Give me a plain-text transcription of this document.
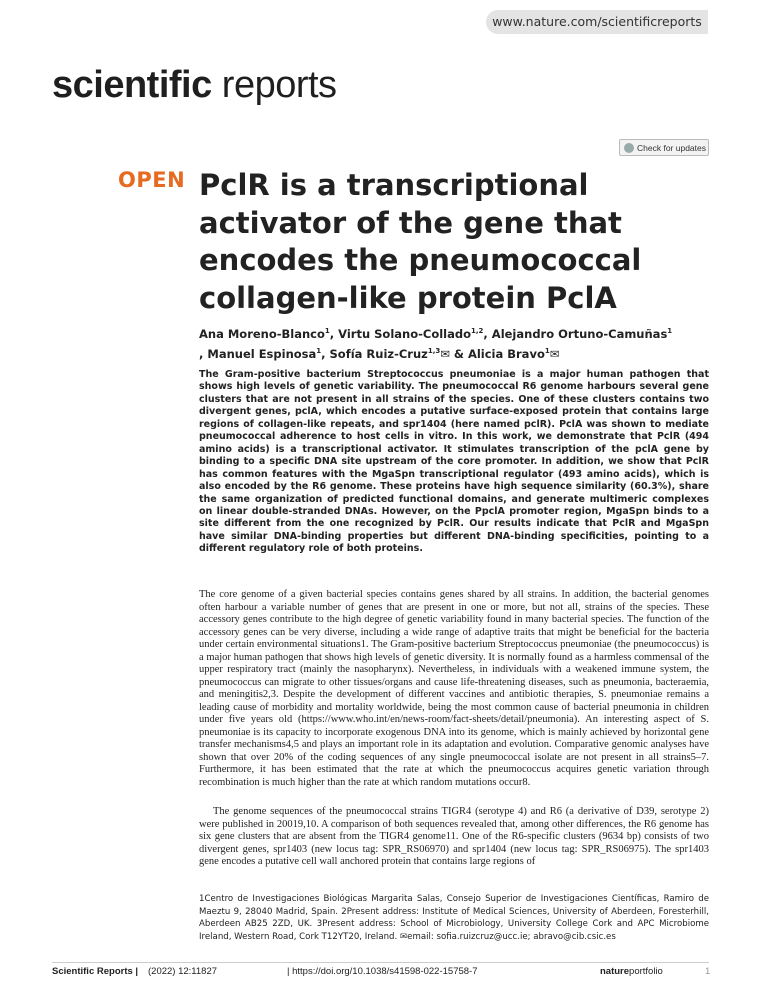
www.nature.com/scientificreports
scientific reports
Check for updates
OPEN PclR is a transcriptional activator of the gene that encodes the pneumococcal collagen-like protein PclA
Ana Moreno-Blanco$^1$, Virtu Solano-Collado$^{1,2}$, Alejandro Ortuno-Camuñas$^1$
, Manuel Espinosa$^1$, Sofía Ruiz-Cruz$^{1,3}$✉ & Alicia Bravo$^1$✉

The Gram-positive bacterium Streptococcus pneumoniae is a major human pathogen that shows high levels of genetic variability. The pneumococcal R6 genome harbours several gene clusters that are not present in all strains of the species. One of these clusters contains two divergent genes, pclA, which encodes a putative surface-exposed protein that contains large regions of collagen-like repeats, and spr1404 (here named pclR). PclA was shown to mediate pneumococcal adherence to host cells in vitro. In this work, we demonstrate that PclR (494 amino acids) is a transcriptional activator. It stimulates transcription of the pclA gene by binding to a specific DNA site upstream of the core promoter. In addition, we show that PclR has common features with the MgaSpn transcriptional regulator (493 amino acids), which is also encoded by the R6 genome. These proteins have high sequence similarity (60.3%), share the same organization of predicted functional domains, and generate multimeric complexes on linear double-stranded DNAs. However, on the PpclA promoter region, MgaSpn binds to a site different from the one recognized by PclR. Our results indicate that PclR and MgaSpn have similar DNA-binding properties but different DNA-binding specificities, pointing to a different regulatory role of both proteins.

The core genome of a given bacterial species contains genes shared by all strains. In addition, the bacterial genomes often harbour a variable number of genes that are present in one or more, but not all, strains of the species. These accessory genes contribute to the high degree of genetic variability found in many bacterial species. The function of the accessory genes can be very diverse, including a wide range of adaptive traits that might be beneficial for the bacteria under certain environmental situations1. The Gram-positive bacterium Streptococcus pneumoniae (the pneumococcus) is a major human pathogen that shows high levels of genetic diversity. It is normally found as a harmless commensal of the upper respiratory tract (mainly the nasopharynx). Nevertheless, in individuals with a weakened immune system, the pneumococcus can migrate to other tissues/organs and cause life-threatening diseases, such as pneumonia, bacteraemia, and meningitis2,3. Despite the development of different vaccines and antibiotic therapies, S. pneumoniae remains a leading cause of morbidity and mortality worldwide, being the most common cause of bacterial pneumonia in children under five years old (https://www.who.int/en/news-room/fact-sheets/detail/pneumonia). An interesting aspect of S. pneumoniae is its capacity to incorporate exogenous DNA into its genome, which is mainly achieved by horizontal gene transfer mechanisms4,5 and plays an important role in its adaptation and evolution. Comparative genomic analyses have shown that over 20% of the coding sequences of any single pneumococcal isolate are not present in all strains5–7. Furthermore, it has been estimated that the rate at which the pneumococcus acquires genetic variation through recombination is much higher than the rate at which random mutations occur8.

The genome sequences of the pneumococcal strains TIGR4 (serotype 4) and R6 (a derivative of D39, serotype 2) were published in 20019,10. A comparison of both sequences revealed that, among other differences, the R6 genome has six gene clusters that are absent from the TIGR4 genome11. One of the R6-specific clusters (9634 bp) consists of two divergent genes, spr1403 (new locus tag: SPR_RS06970) and spr1404 (new locus tag: SPR_RS06975). The spr1403 gene encodes a putative cell wall anchored protein that contains large regions of

1Centro de Investigaciones Biológicas Margarita Salas, Consejo Superior de Investigaciones Científicas, Ramiro de Maeztu 9, 28040 Madrid, Spain. 2Present address: Institute of Medical Sciences, University of Aberdeen, Foresterhill, Aberdeen AB25 2ZD, UK. 3Present address: School of Microbiology, University College Cork and APC Microbiome Ireland, Western Road, Cork T12YT20, Ireland. ✉email: sofia.ruizcruz@ucc.ie; abravo@cib.csic.es

Scientific Reports | (2022) 12:11827	| https://doi.org/10.1038/s41598-022-15758-7	natureportfolio	1
